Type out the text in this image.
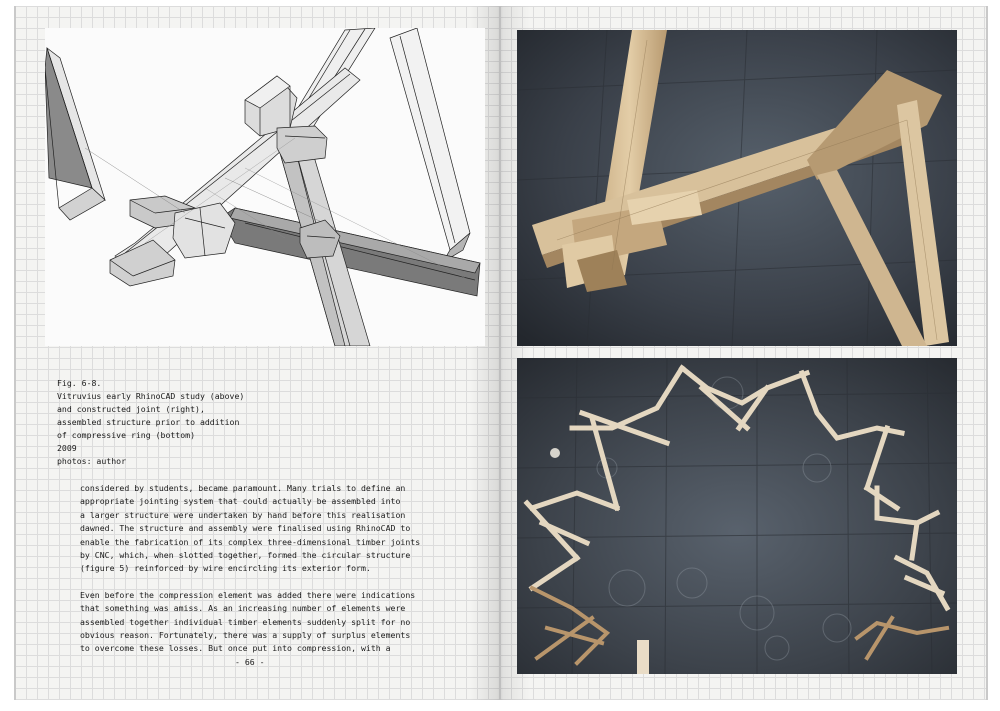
Fig. 6-8.
Vitruvius early RhinoCAD study (above)
and constructed joint (right),
assembled structure prior to addition
of compressive ring (bottom)
2009
photos: author
considered by students, became paramount. Many trials to define an
appropriate jointing system that could actually be assembled into
a larger structure were undertaken by hand before this realisation
dawned. The structure and assembly were finalised using RhinoCAD to
enable the fabrication of its complex three-dimensional timber joints
by CNC, which, when slotted together, formed the circular structure
(figure 5) reinforced by wire encircling its exterior form.
Even before the compression element was added there were indications
that something was amiss. As an increasing number of elements were
assembled together individual timber elements suddenly split for no
obvious reason. Fortunately, there was a supply of surplus elements
to overcome these losses. But once put into compression, with a
- 66 -
